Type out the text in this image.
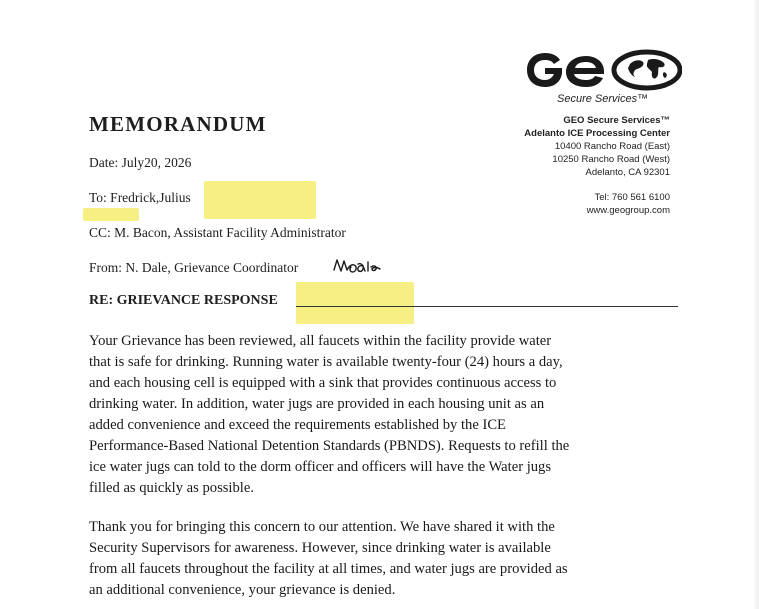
Secure Services™
GEO Secure Services™
Adelanto ICE Processing Center
10400 Rancho Road (East)
10250 Rancho Road (West)
Adelanto, CA 92301
Tel: 760 561 6100
www.geogroup.com
MEMORANDUM
Date: July20, 2026
To: Fredrick,Julius
CC: M. Bacon, Assistant Facility Administrator
From: N. Dale, Grievance Coordinator
RE: GRIEVANCE RESPONSE
Your Grievance has been reviewed, all faucets within the facility provide water
that is safe for drinking. Running water is available twenty-four (24) hours a day,
and each housing cell is equipped with a sink that provides continuous access to
drinking water. In addition, water jugs are provided in each housing unit as an
added convenience and exceed the requirements established by the ICE
Performance-Based National Detention Standards (PBNDS). Requests to refill the
ice water jugs can told to the dorm officer and officers will have the Water jugs
filled as quickly as possible.
Thank you for bringing this concern to our attention. We have shared it with the
Security Supervisors for awareness. However, since drinking water is available
from all faucets throughout the facility at all times, and water jugs are provided as
an additional convenience, your grievance is denied.
